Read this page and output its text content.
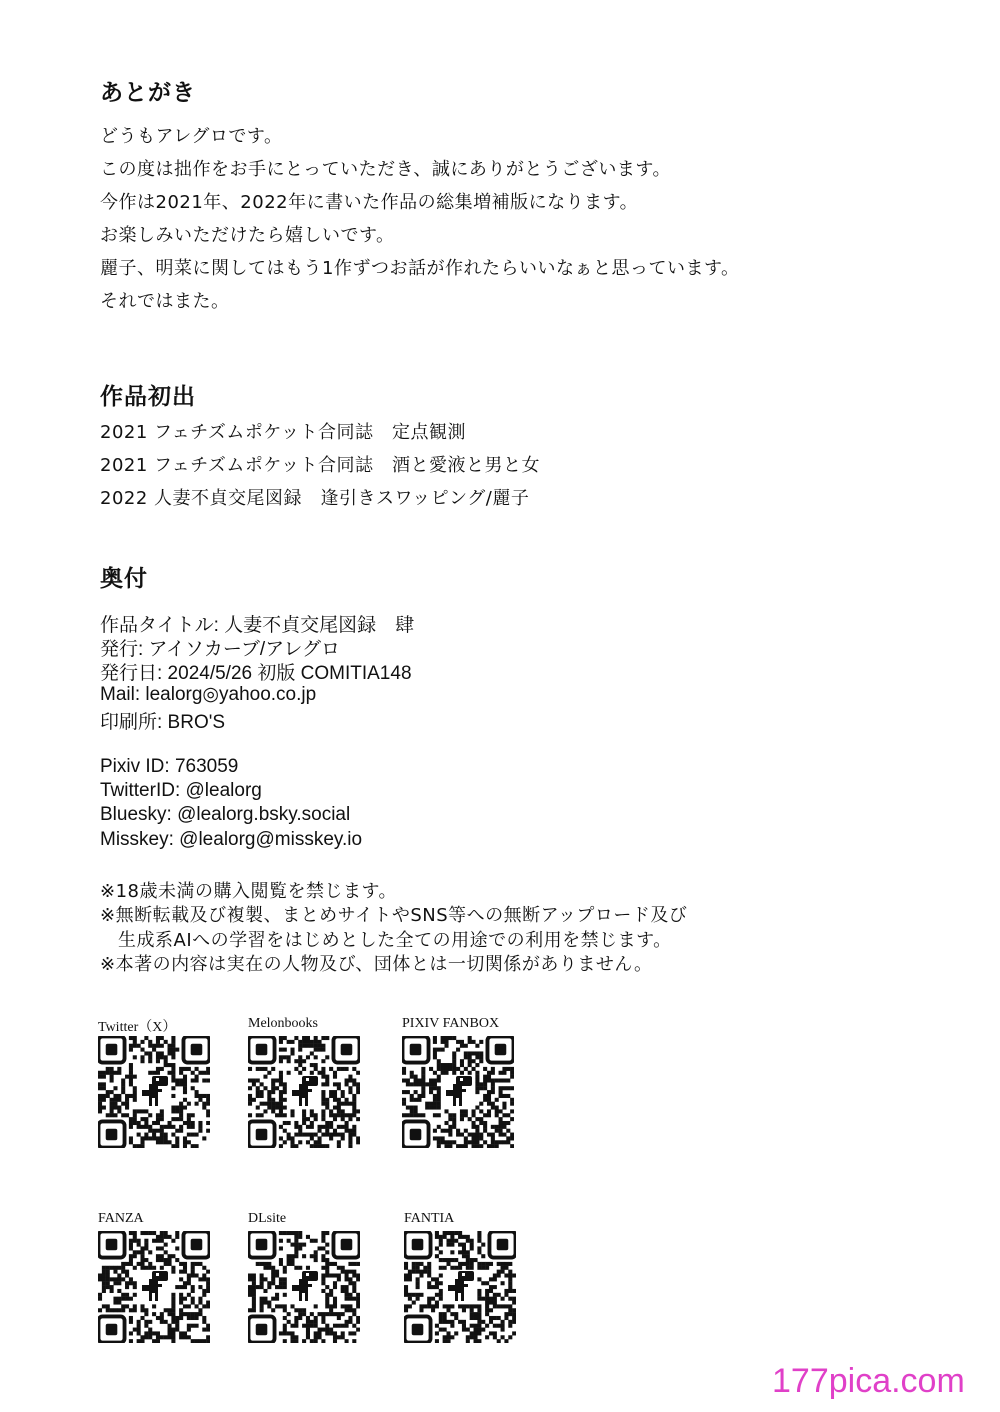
あとがき

どうもアレグロです。

この度は拙作をお手にとっていただき、誠にありがとうございます。

今作は2021年、2022年に書いた作品の総集増補版になります。

お楽しみいただけたら嬉しいです。

麗子、明菜に関してはもう1作ずつお話が作れたらいいなぁと思っています。

それではまた。

作品初出

2021 フェチズムポケット合同誌　定点観測

2021 フェチズムポケット合同誌　酒と愛液と男と女

2022 人妻不貞交尾図録　逢引きスワッピング/麗子

奥付

作品タイトル: 人妻不貞交尾図録　肆

発行: アイソカーブ/アレグロ

発行日: 2024/5/26 初版 COMITIA148

Mail: lealorg◎yahoo.co.jp

印刷所: BRO'S

Pixiv ID: 763059

TwitterID: @lealorg

Bluesky: @lealorg.bsky.social

Misskey: @lealorg@misskey.io

※18歳未満の購入閲覧を禁じます。

※無断転載及び複製、まとめサイトやSNS等への無断アップロード及び

生成系AIへの学習をはじめとした全ての用途での利用を禁じます。

※本著の内容は実在の人物及び、団体とは一切関係がありません。

Twitter（X）	Melonbooks	PIXIV FANBOX
FANZA	DLsite	FANTIA
177pica.com
